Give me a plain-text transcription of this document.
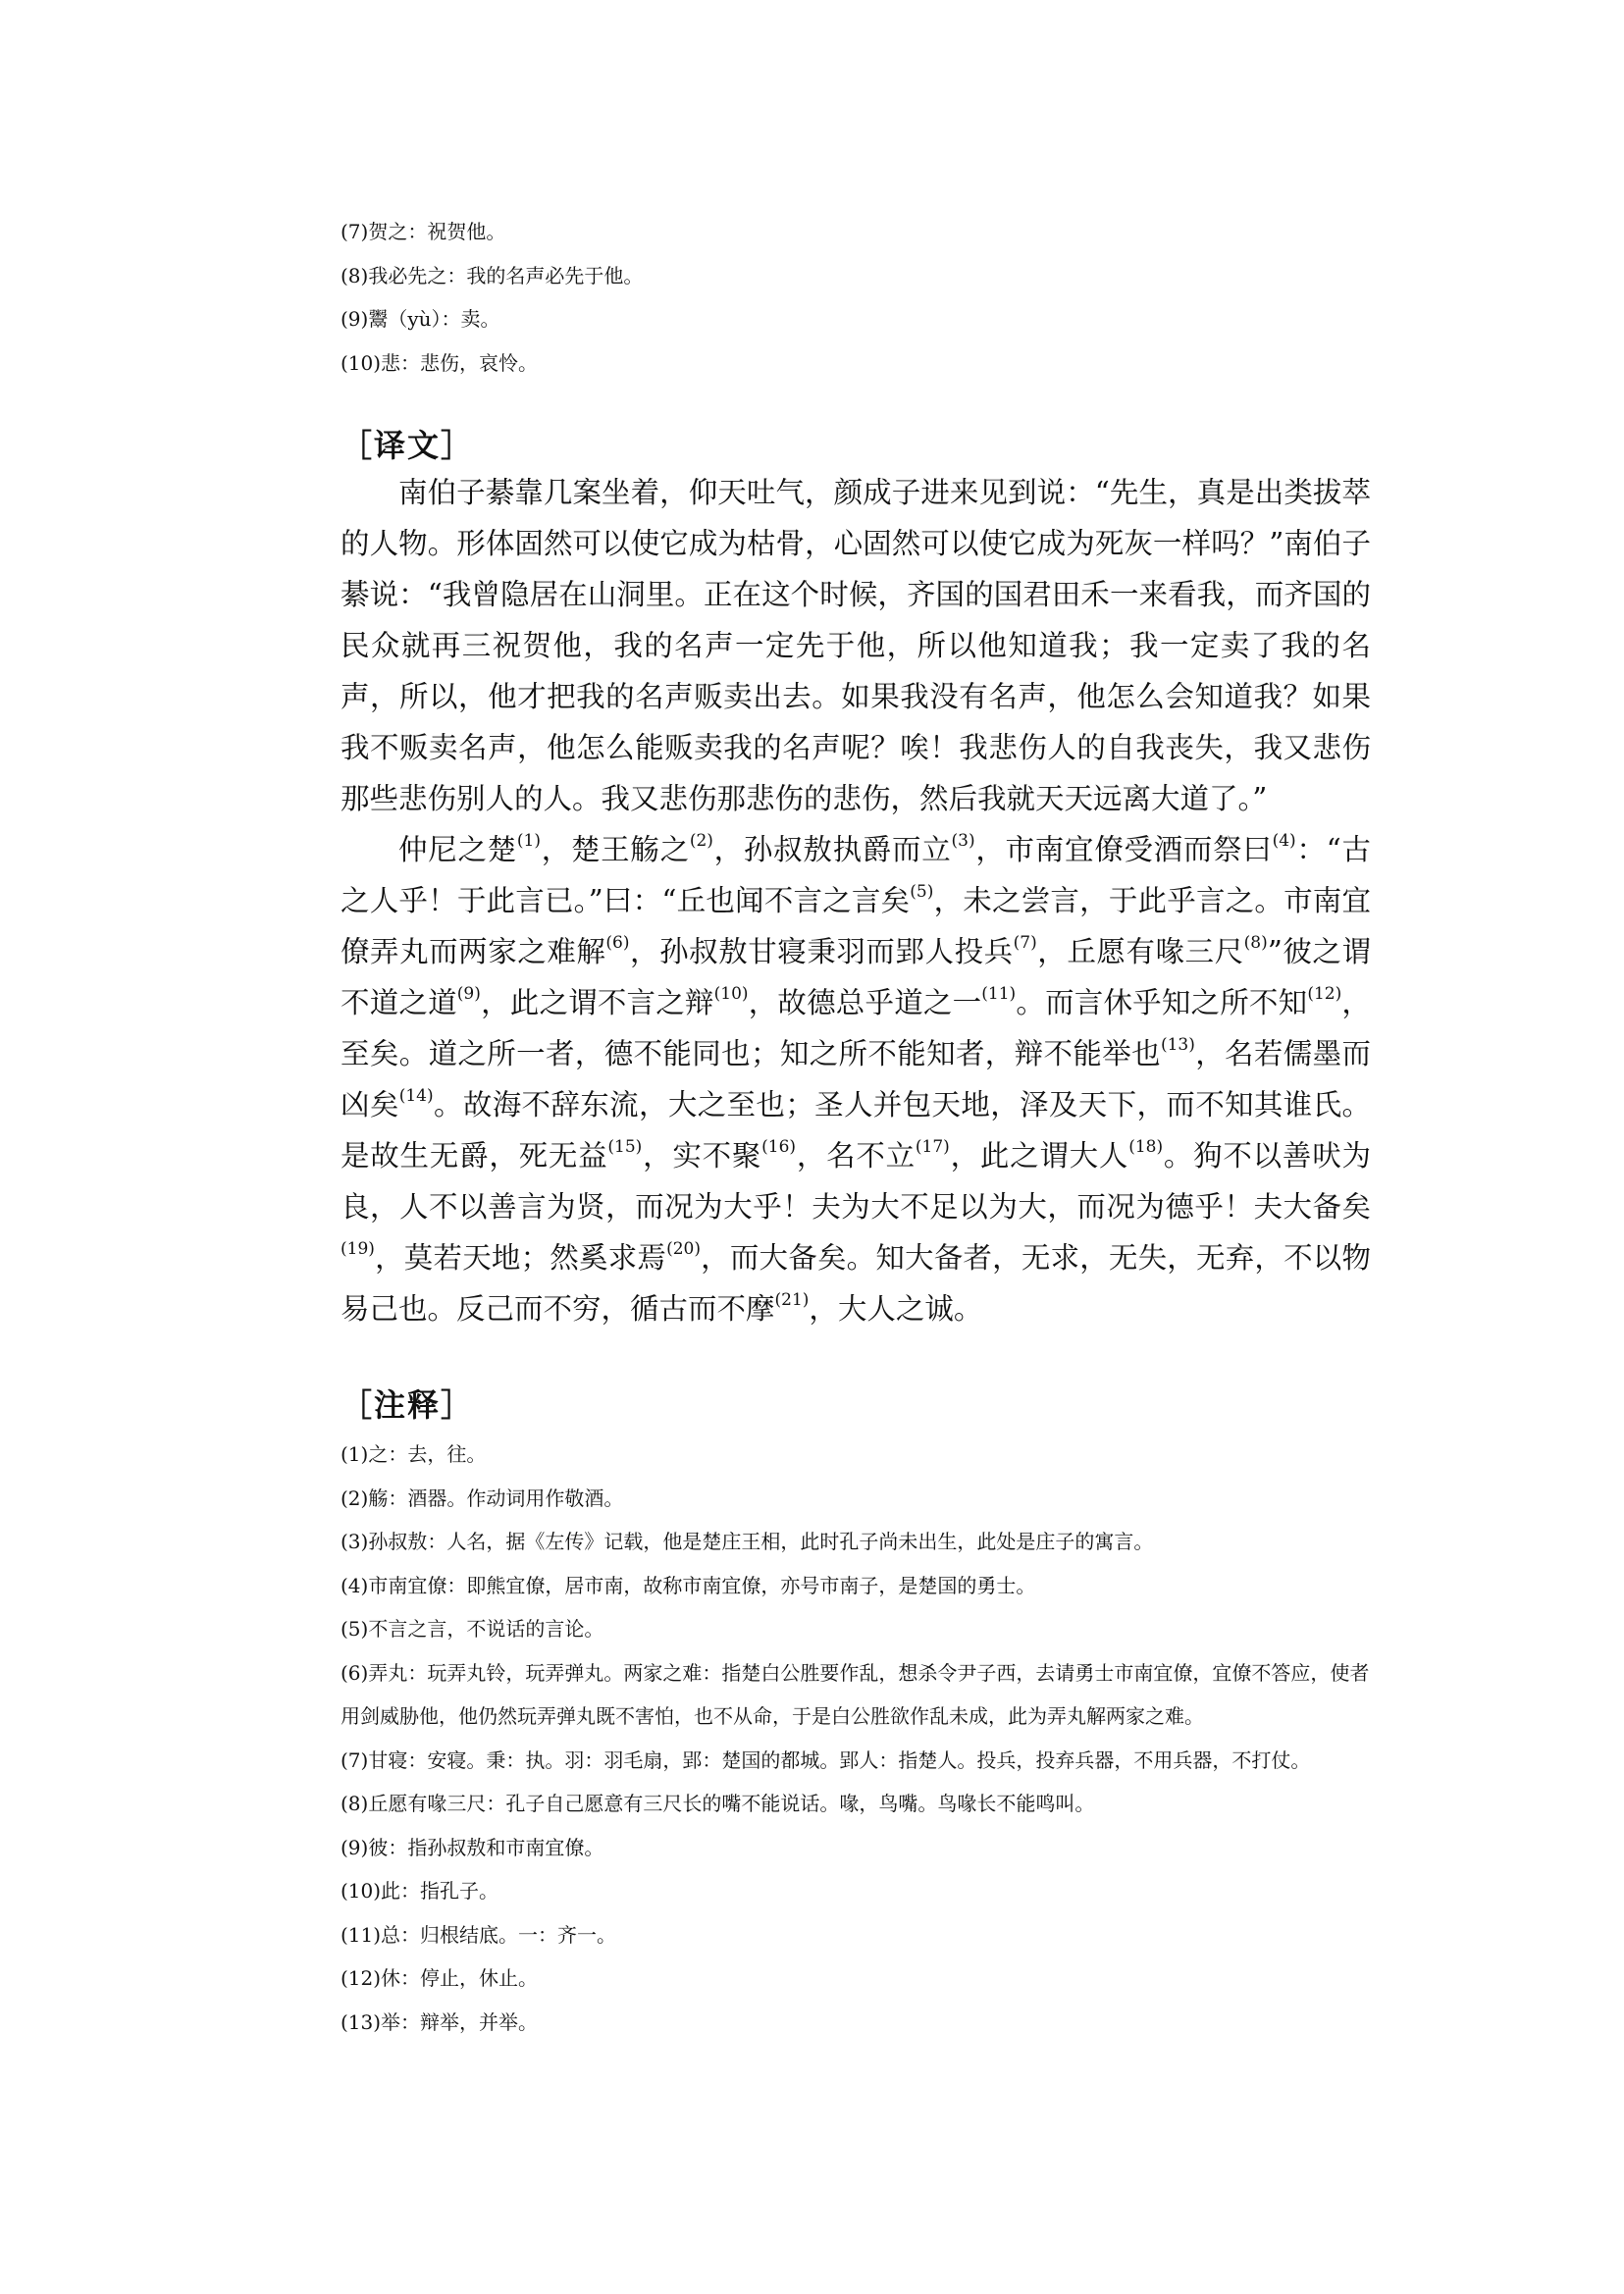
(7)贺之：祝贺他。

(8)我必先之：我的名声必先于他。

(9)鬻（yù）：卖。

(10)悲：悲伤，哀怜。

［译文］

南伯子綦靠几案坐着，仰天吐气，颜成子进来见到说：“先生，真是出类拔萃的人物。形体固然可以使它成为枯骨，心固然可以使它成为死灰一样吗？”南伯子綦说：“我曾隐居在山洞里。正在这个时候，齐国的国君田禾一来看我，而齐国的民众就再三祝贺他，我的名声一定先于他，所以他知道我；我一定卖了我的名声，所以，他才把我的名声贩卖出去。如果我没有名声，他怎么会知道我？如果我不贩卖名声，他怎么能贩卖我的名声呢？唉！我悲伤人的自我丧失，我又悲伤那些悲伤别人的人。我又悲伤那悲伤的悲伤，然后我就天天远离大道了。”

仲尼之楚$^{(1)}$，楚王觞之$^{(2)}$，孙叔敖执爵而立$^{(3)}$，市南宜僚受酒而祭曰$^{(4)}$：“古之人乎！于此言已。”曰：“丘也闻不言之言矣$^{(5)}$，未之尝言，于此乎言之。市南宜僚弄丸而两家之难解$^{(6)}$，孙叔敖甘寝秉羽而郢人投兵$^{(7)}$，丘愿有喙三尺$^{(8)}$”彼之谓不道之道$^{(9)}$，此之谓不言之辩$^{(10)}$，故德总乎道之一$^{(11)}$。而言休乎知之所不知$^{(12)}$，至矣。道之所一者，德不能同也；知之所不能知者，辩不能举也$^{(13)}$，名若儒墨而凶矣$^{(14)}$。故海不辞东流，大之至也；圣人并包天地，泽及天下，而不知其谁氏。是故生无爵，死无益$^{(15)}$，实不聚$^{(16)}$，名不立$^{(17)}$，此之谓大人$^{(18)}$。狗不以善吠为良，人不以善言为贤，而况为大乎！夫为大不足以为大，而况为德乎！夫大备矣$^{(19)}$，莫若天地；然奚求焉$^{(20)}$，而大备矣。知大备者，无求，无失，无弃，不以物易己也。反己而不穷，循古而不摩$^{(21)}$，大人之诚。

［注释］

(1)之：去，往。

(2)觞：酒器。作动词用作敬酒。

(3)孙叔敖：人名，据《左传》记载，他是楚庄王相，此时孔子尚未出生，此处是庄子的寓言。

(4)市南宜僚：即熊宜僚，居市南，故称市南宜僚，亦号市南子，是楚国的勇士。

(5)不言之言，不说话的言论。

(6)弄丸：玩弄丸铃，玩弄弹丸。两家之难：指楚白公胜要作乱，想杀令尹子西，去请勇士市南宜僚，宜僚不答应，使者用剑威胁他，他仍然玩弄弹丸既不害怕，也不从命，于是白公胜欲作乱未成，此为弄丸解两家之难。

(7)甘寝：安寝。秉：执。羽：羽毛扇，郢：楚国的都城。郢人：指楚人。投兵，投弃兵器，不用兵器，不打仗。

(8)丘愿有喙三尺：孔子自己愿意有三尺长的嘴不能说话。喙，鸟嘴。鸟喙长不能鸣叫。

(9)彼：指孙叔敖和市南宜僚。

(10)此：指孔子。

(11)总：归根结底。一：齐一。

(12)休：停止，休止。

(13)举：辩举，并举。
